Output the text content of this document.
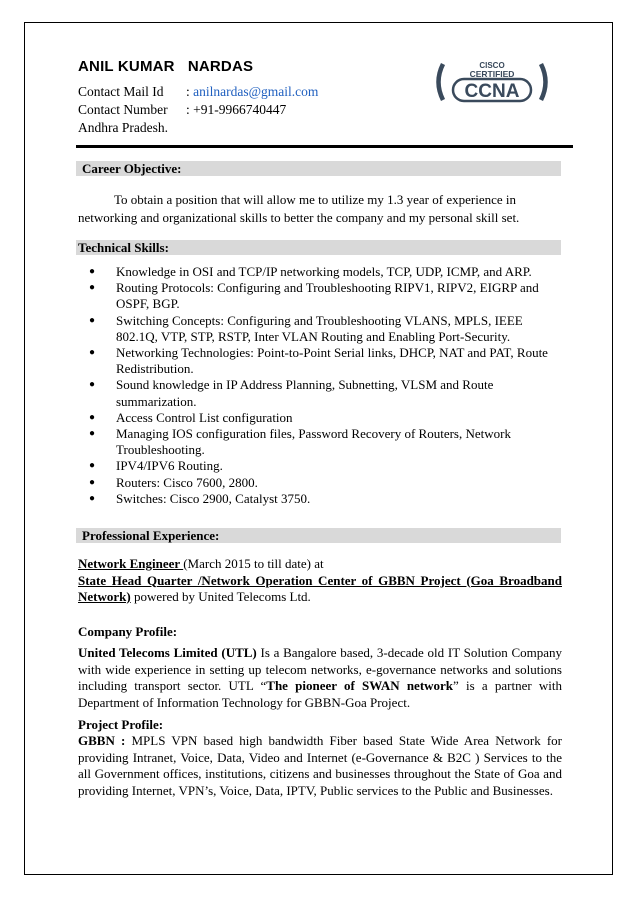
ANIL KUMAR   NARDAS
Contact Mail Id : anilnardas@gmail.com
Contact Number : +91-9966740447
Andhra Pradesh.
CISCO
CERTIFIED
CCNA
Career Objective:
To obtain a position that will allow me to utilize my 1.3 year of experience in networking and organizational skills to better the company and my personal skill set.
Technical Skills:
● Knowledge in OSI and TCP/IP networking models, TCP, UDP, ICMP, and ARP.
● Routing Protocols: Configuring and Troubleshooting RIPV1, RIPV2, EIGRP and OSPF, BGP.
● Switching Concepts: Configuring and Troubleshooting VLANS, MPLS, IEEE 802.1Q, VTP, STP, RSTP, Inter VLAN Routing and Enabling Port-Security.
● Networking Technologies: Point-to-Point Serial links, DHCP, NAT and PAT, Route Redistribution.
● Sound knowledge in IP Address Planning, Subnetting, VLSM and Route summarization.
● Access Control List configuration
● Managing IOS configuration files, Password Recovery of Routers, Network Troubleshooting.
● IPV4/IPV6 Routing.
● Routers: Cisco 7600, 2800.
● Switches: Cisco 2900, Catalyst 3750.
Professional Experience:
Network Engineer (March 2015 to till date) at
State Head Quarter /Network Operation Center of GBBN Project (Goa Broadband Network) powered by United Telecoms Ltd.
Company Profile:
United Telecoms Limited (UTL) Is a Bangalore based, 3-decade old IT Solution Company with wide experience in setting up telecom networks, e-governance networks and solutions including transport sector. UTL “The pioneer of SWAN network” is a partner with Department of Information Technology for GBBN-Goa Project.
Project Profile:
GBBN : MPLS VPN based high bandwidth Fiber based State Wide Area Network for providing Intranet, Voice, Data, Video and Internet (e-Governance & B2C ) Services to the all Government offices, institutions, citizens and businesses throughout the State of Goa and providing Internet, VPN’s, Voice, Data, IPTV, Public services to the Public and Businesses.
